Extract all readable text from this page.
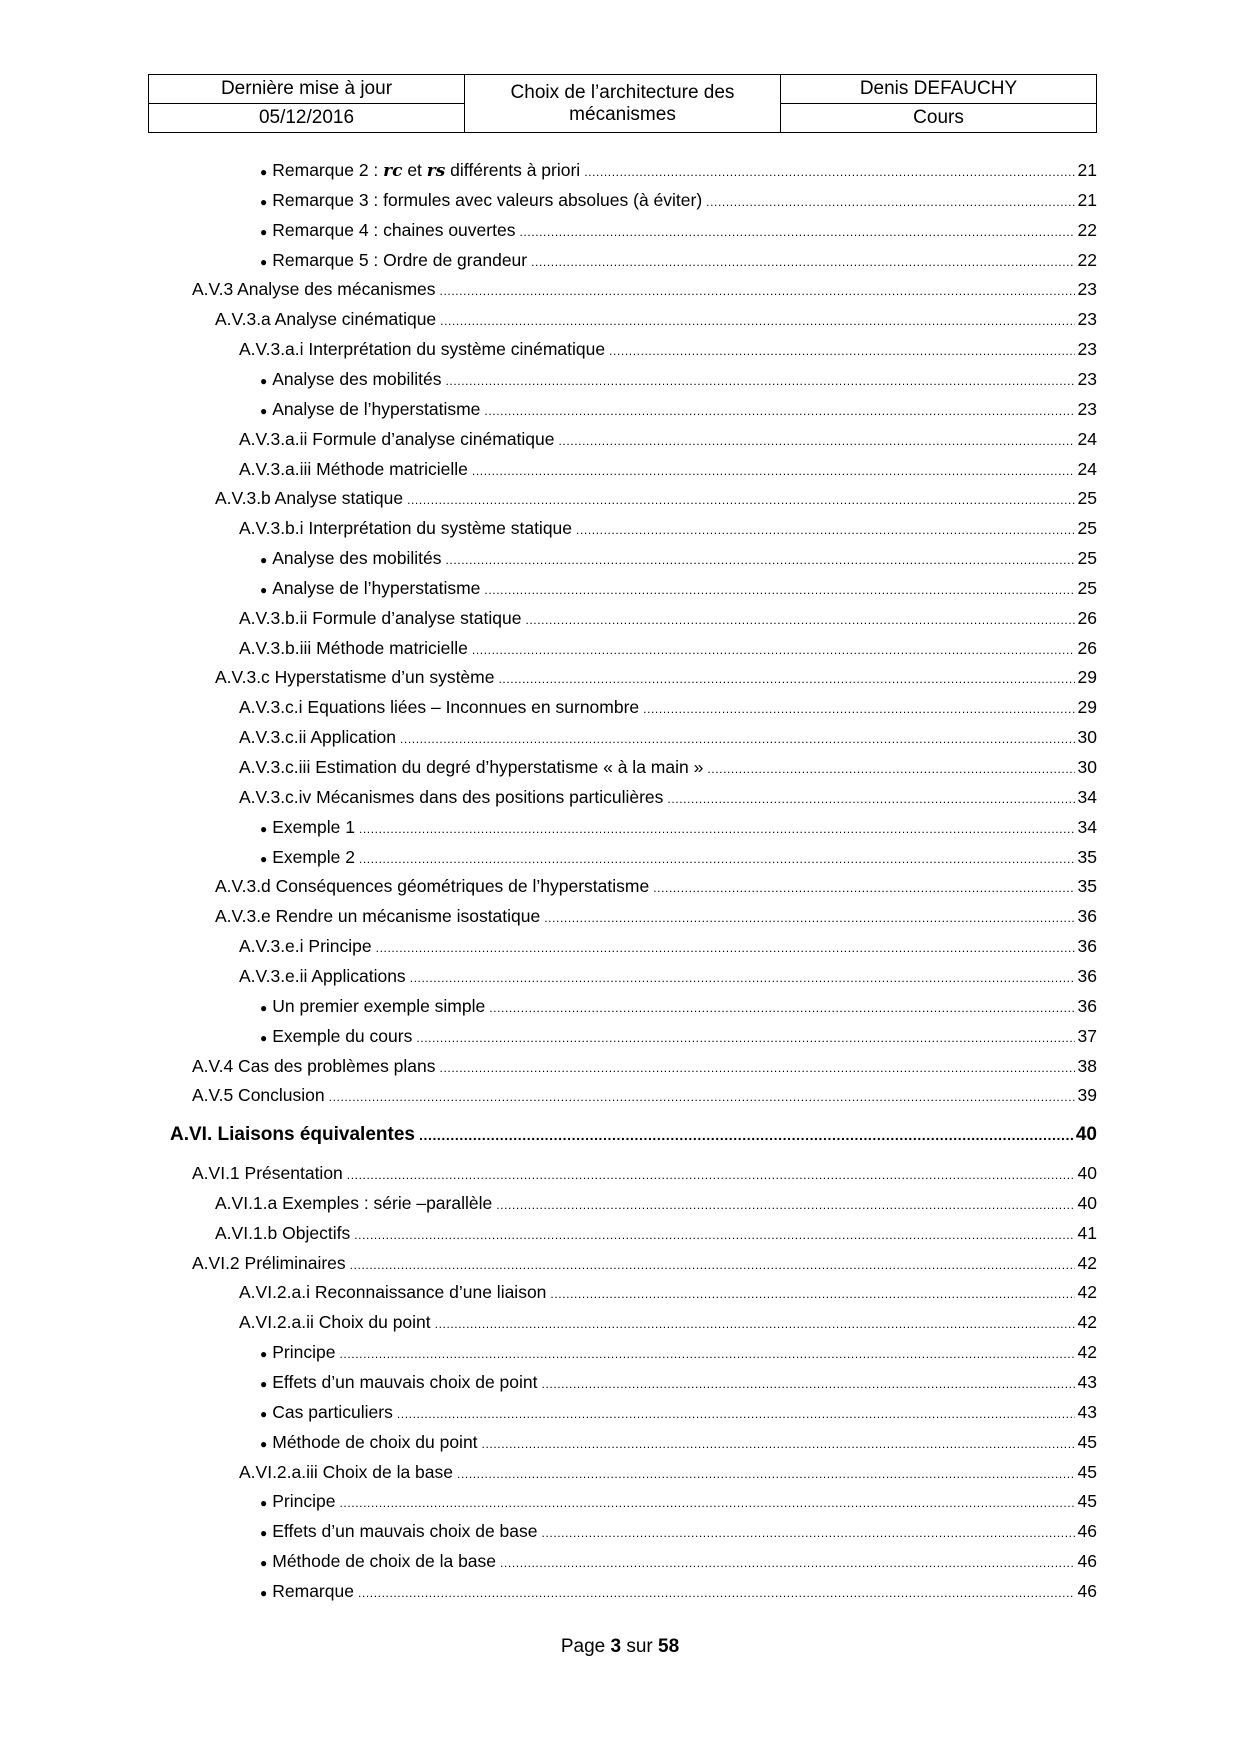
Dernière mise à jour	Choix de l’architecture des mécanismes	Denis DEFAUCHY
05/12/2016		Cours
● Remarque 2 : rc et rs différents à priori .....	21
● Remarque 3 : formules avec valeurs absolues (à éviter) .....	21
● Remarque 4 : chaines ouvertes .....	22
● Remarque 5 : Ordre de grandeur .....	22
A.V.3 Analyse des mécanismes .....	23
A.V.3.a Analyse cinématique .....	23
A.V.3.a.i Interprétation du système cinématique .....	23
● Analyse des mobilités .....	23
● Analyse de l’hyperstatisme .....	23
A.V.3.a.ii Formule d’analyse cinématique .....	24
A.V.3.a.iii Méthode matricielle .....	24
A.V.3.b Analyse statique .....	25
A.V.3.b.i Interprétation du système statique .....	25
● Analyse des mobilités .....	25
● Analyse de l’hyperstatisme .....	25
A.V.3.b.ii Formule d’analyse statique .....	26
A.V.3.b.iii Méthode matricielle .....	26
A.V.3.c Hyperstatisme d’un système .....	29
A.V.3.c.i Equations liées – Inconnues en surnombre .....	29
A.V.3.c.ii Application .....	30
A.V.3.c.iii Estimation du degré d’hyperstatisme « à la main » .....	30
A.V.3.c.iv Mécanismes dans des positions particulières .....	34
● Exemple 1 .....	34
● Exemple 2 .....	35
A.V.3.d Conséquences géométriques de l’hyperstatisme .....	35
A.V.3.e Rendre un mécanisme isostatique .....	36
A.V.3.e.i Principe .....	36
A.V.3.e.ii Applications .....	36
● Un premier exemple simple .....	36
● Exemple du cours .....	37
A.V.4 Cas des problèmes plans .....	38
A.V.5 Conclusion .....	39
A.VI. Liaisons équivalentes .....	40
A.VI.1 Présentation .....	40
A.VI.1.a Exemples : série –parallèle .....	40
A.VI.1.b Objectifs .....	41
A.VI.2 Préliminaires .....	42
A.VI.2.a.i Reconnaissance d’une liaison .....	42
A.VI.2.a.ii Choix du point .....	42
● Principe .....	42
● Effets d’un mauvais choix de point .....	43
● Cas particuliers .....	43
● Méthode de choix du point .....	45
A.VI.2.a.iii Choix de la base .....	45
● Principe .....	45
● Effets d’un mauvais choix de base .....	46
● Méthode de choix de la base .....	46
● Remarque .....	46
Page 3 sur 58
